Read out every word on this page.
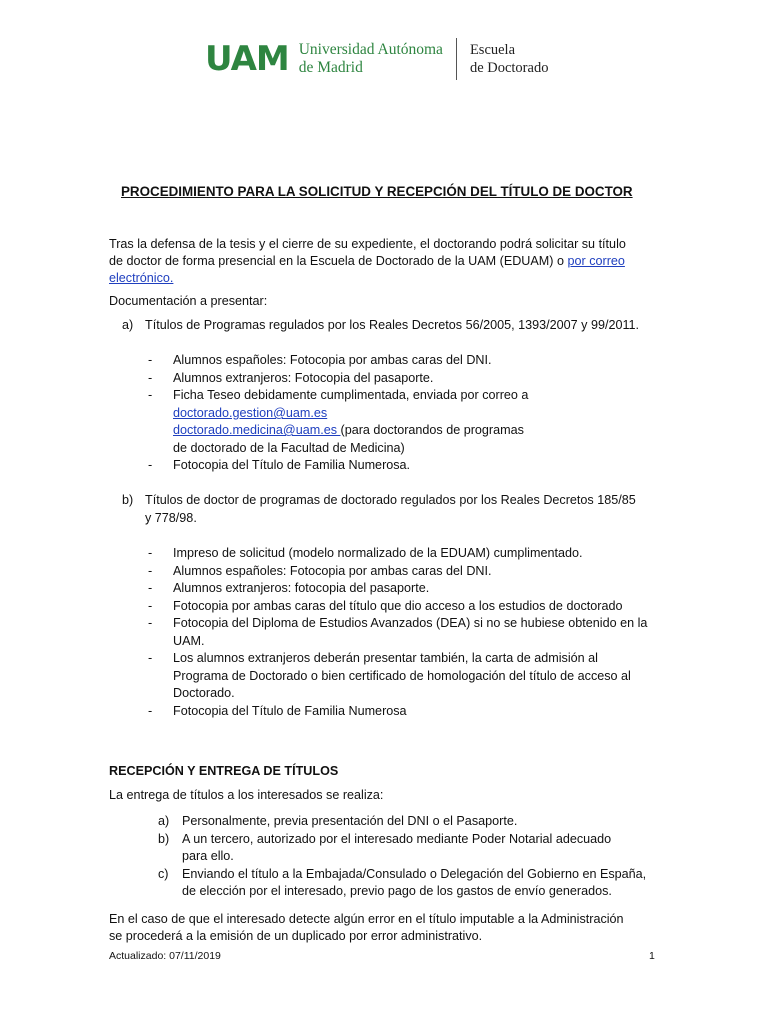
UAM Universidad Autónoma
de Madrid
Escuela
de Doctorado
PROCEDIMIENTO PARA LA SOLICITUD Y RECEPCIÓN DEL TÍTULO DE DOCTOR
Tras la defensa de la tesis y el cierre de su expediente, el doctorando podrá solicitar su título
de doctor de forma presencial en la Escuela de Doctorado de la UAM (EDUAM) o por correo
electrónico.
Documentación a presentar:
a) Títulos de Programas regulados por los Reales Decretos 56/2005, 1393/2007 y 99/2011.
- Alumnos españoles: Fotocopia por ambas caras del DNI.
- Alumnos extranjeros: Fotocopia del pasaporte.
- Ficha Teseo debidamente cumplimentada, enviada por correo a
doctorado.gestion@uam.es
doctorado.medicina@uam.es (para doctorandos de programas
de doctorado de la Facultad de Medicina)
- Fotocopia del Título de Familia Numerosa.
b) Títulos de doctor de programas de doctorado regulados por los Reales Decretos 185/85
y 778/98.
- Impreso de solicitud (modelo normalizado de la EDUAM) cumplimentado.
- Alumnos españoles: Fotocopia por ambas caras del DNI.
- Alumnos extranjeros: fotocopia del pasaporte.
- Fotocopia por ambas caras del título que dio acceso a los estudios de doctorado
- Fotocopia del Diploma de Estudios Avanzados (DEA) si no se hubiese obtenido en la
UAM.
- Los alumnos extranjeros deberán presentar también, la carta de admisión al
Programa de Doctorado o bien certificado de homologación del título de acceso al
Doctorado.
- Fotocopia del Título de Familia Numerosa
RECEPCIÓN Y ENTREGA DE TÍTULOS
La entrega de títulos a los interesados se realiza:
a) Personalmente, previa presentación del DNI o el Pasaporte.
b) A un tercero, autorizado por el interesado mediante Poder Notarial adecuado
para ello.
c) Enviando el título a la Embajada/Consulado o Delegación del Gobierno en España,
de elección por el interesado, previo pago de los gastos de envío generados.
En el caso de que el interesado detecte algún error en el título imputable a la Administración
se procederá a la emisión de un duplicado por error administrativo.
Actualizado: 07/11/2019	1
